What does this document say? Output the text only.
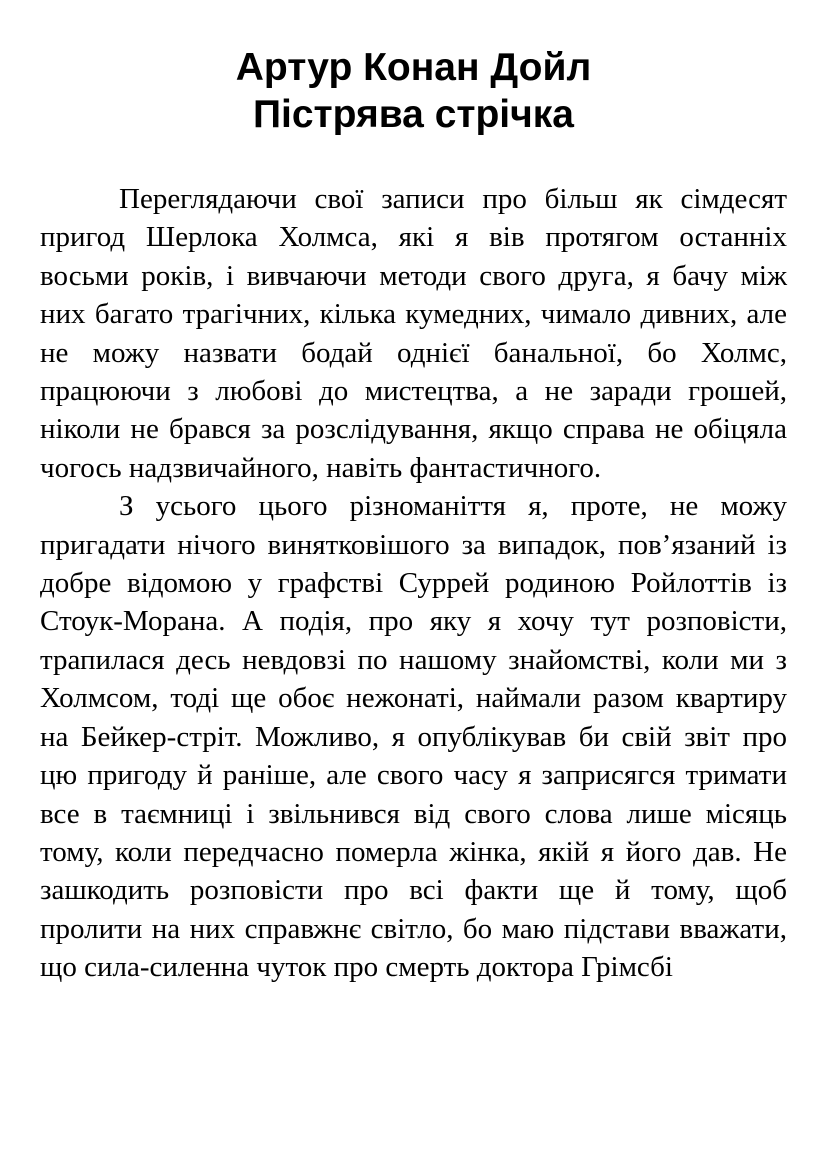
Артур Конан Дойл
Пістрява стрічка

Переглядаючи свої записи про більш як сімдесят пригод Шерлока Холмса, які я вів протягом останніх восьми років, і вивчаючи методи свого друга, я бачу між них багато трагічних, кілька кумедних, чимало дивних, але не можу назвати бодай однієї банальної, бо Холмс, працюючи з любові до мистецтва, а не заради грошей, ніколи не брався за розслідування, якщо справа не обіцяла чогось надзвичайного, навіть фантастичного.

З усього цього різноманіття я, проте, не можу пригадати нічого винятковішого за випадок, пов’язаний із добре відомою у графстві Суррей родиною Ройлоттів із Стоук-Морана. А подія, про яку я хочу тут розповісти, трапилася десь невдовзі по нашому знайомстві, коли ми з Холмсом, тоді ще обоє нежонаті, наймали разом квартиру на Бейкер-стріт. Можливо, я опублікував би свій звіт про цю пригоду й раніше, але свого часу я заприсягся тримати все в таємниці і звільнився від свого слова лише місяць тому, коли передчасно померла жінка, якій я його дав. Не зашкодить розповісти про всі факти ще й тому, щоб пролити на них справжнє світло, бо маю підстави вважати, що сила-силенна чуток про смерть доктора Грімсбі
